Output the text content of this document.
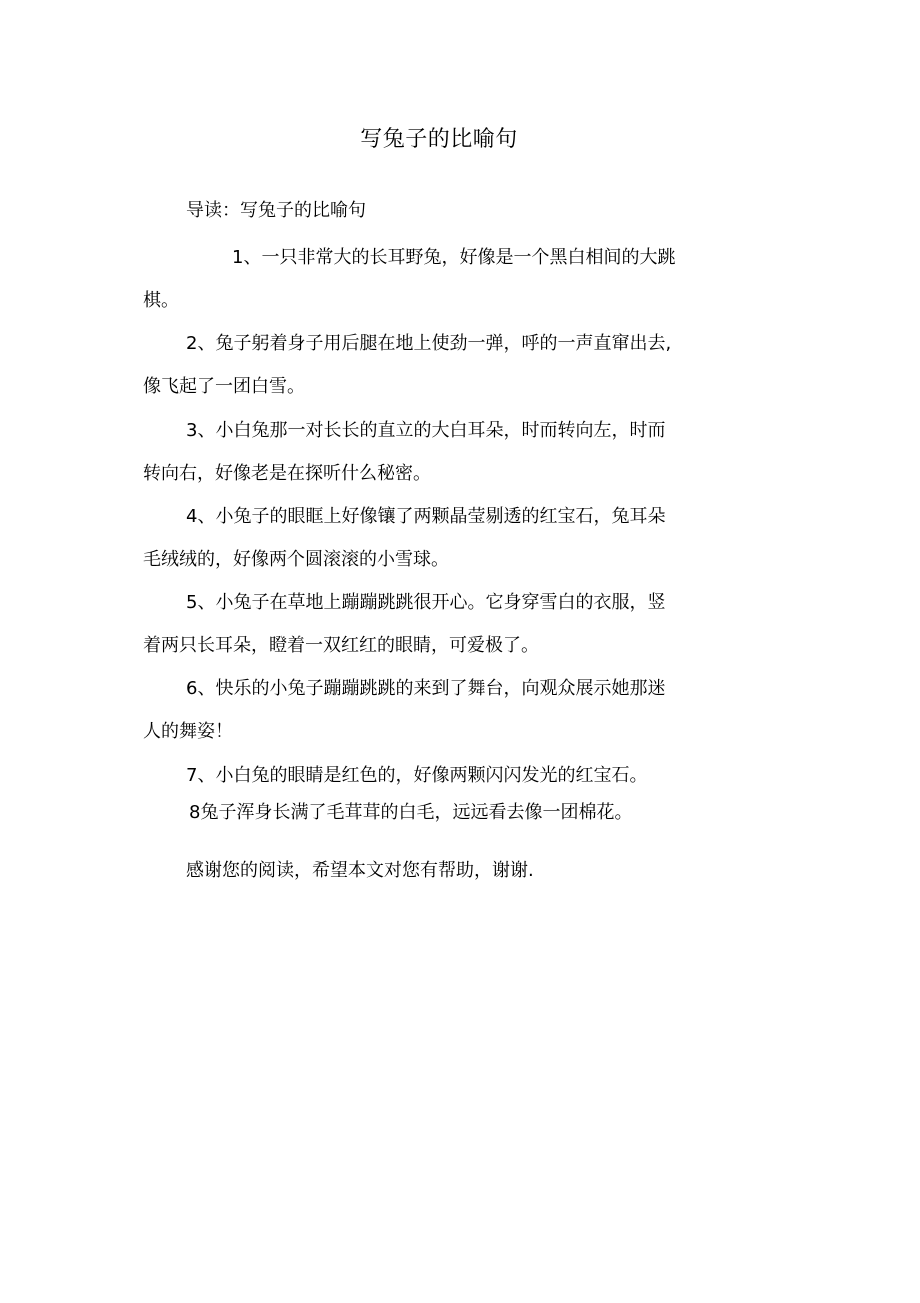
写兔子的比喻句
导读：写兔子的比喻句
1、一只非常大的长耳野兔，好像是一个黑白相间的大跳
棋。
2、兔子躬着身子用后腿在地上使劲一弹，呼的一声直窜出去,
像飞起了一团白雪。
3、小白兔那一对长长的直立的大白耳朵，时而转向左，时而
转向右，好像老是在探听什么秘密。
4、小兔子的眼眶上好像镶了两颗晶莹剔透的红宝石，兔耳朵
毛绒绒的，好像两个圆滚滚的小雪球。
5、小兔子在草地上蹦蹦跳跳很开心。它身穿雪白的衣服，竖
着两只长耳朵，瞪着一双红红的眼睛，可爱极了。
6、快乐的小兔子蹦蹦跳跳的来到了舞台，向观众展示她那迷
人的舞姿！
7、小白兔的眼睛是红色的，好像两颗闪闪发光的红宝石。
8兔子浑身长满了毛茸茸的白毛，远远看去像一团棉花。
感谢您的阅读，希望本文对您有帮助，谢谢.
